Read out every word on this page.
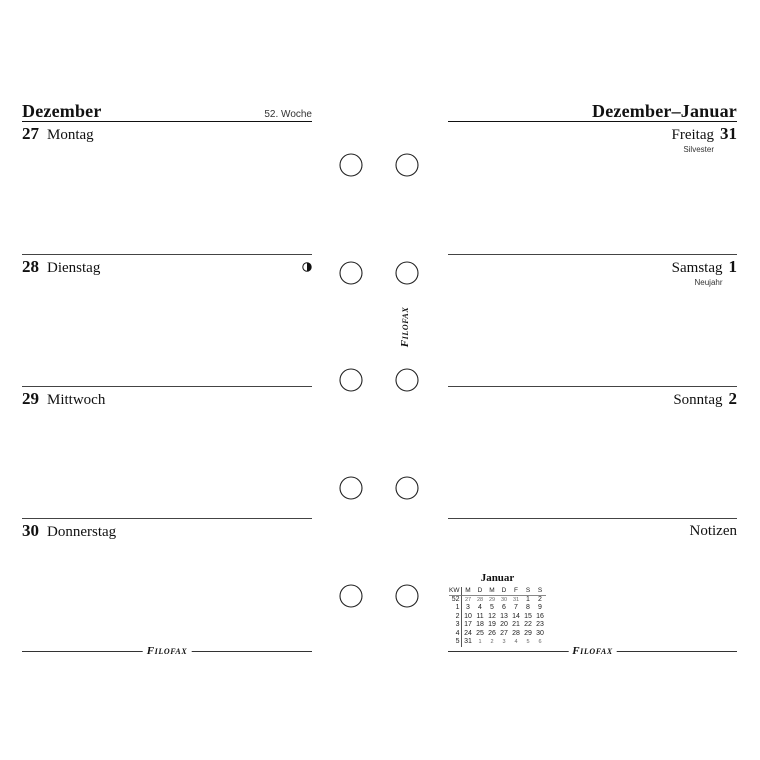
Dezember	52. Woche
27 Montag
28 Dienstag
29 Mittwoch
30 Donnerstag
Filofax
Filofax
Dezember–Januar
Freitag
Silvester
31
Samstag
Neujahr
1
Sonntag 2
Notizen
Januar
KW M	D	M	D	F	S	S
52 27	28	29	30	31 1	2
1 3	4	5	6	7	8	9
2 10 11 12 13 14 15 16
3 17 18 19 20 21 22 23
4 24 25 26 27 28 29 30
5 31	1	2	3	4	5	6
Filofax
